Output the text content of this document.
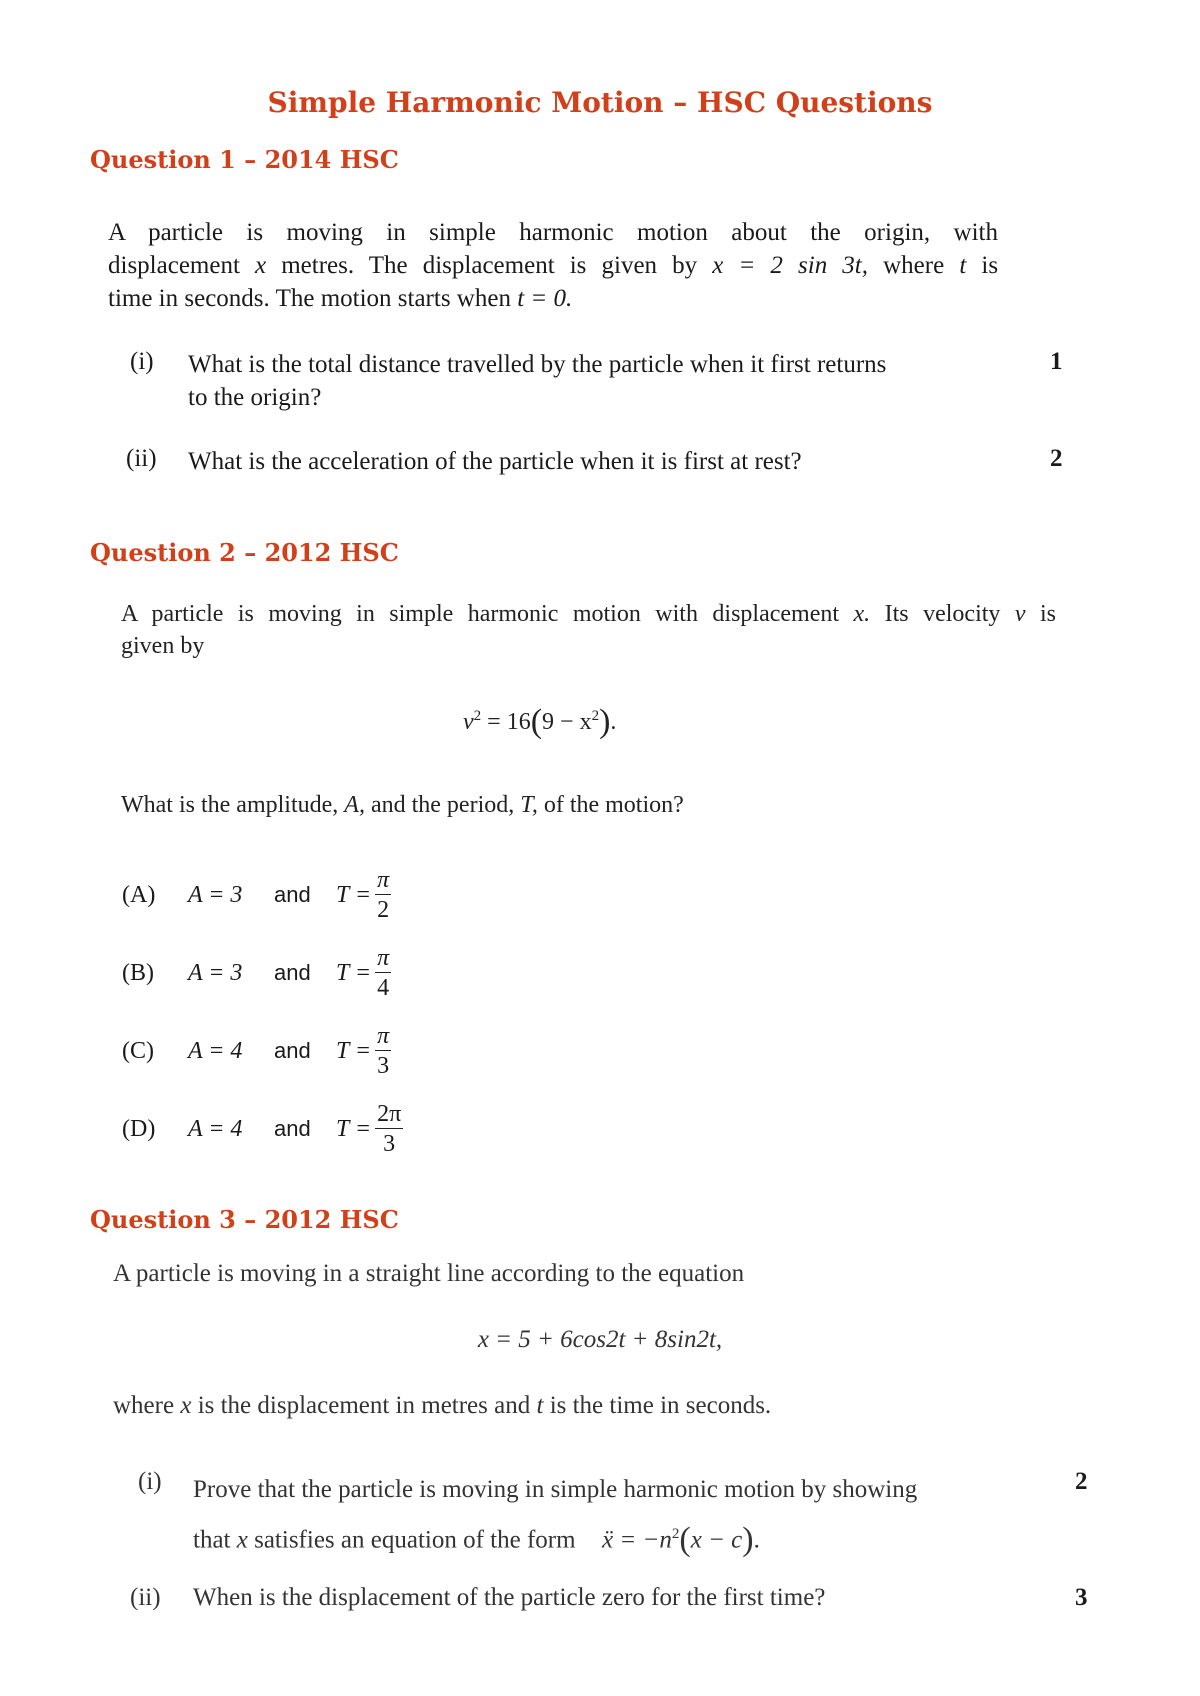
Simple Harmonic Motion – HSC Questions
Question 1 – 2014 HSC
A particle is moving in simple harmonic motion about the origin, with
displacement x metres. The displacement is given by x = 2 sin 3t, where t is
time in seconds. The motion starts when t = 0.
(i) What is the total distance travelled by the particle when it first returns
to the origin?
1
(ii) What is the acceleration of the particle when it is first at rest?	2
Question 2 – 2012 HSC
A particle is moving in simple harmonic motion with displacement x. Its velocity v is
given by
$v^2 = 16(9 - x^2)$.
What is the amplitude, A, and the period, T, of the motion?
(A)	A = 3	and	$T = \frac{\pi}{2}$
(B)	A = 3	and	$T = \frac{\pi}{4}$
(C)	A = 4	and	$T = \frac{\pi}{3}$
(D)	A = 4	and	$T = \frac{2\pi}{3}$
Question 3 – 2012 HSC
A particle is moving in a straight line according to the equation
x = 5 + 6cos2t + 8sin2t,
where x is the displacement in metres and t is the time in seconds.
(i) Prove that the particle is moving in simple harmonic motion by showing
that x satisfies an equation of the form ẍ = $-n^2(x - c)$.
2
(ii) When is the displacement of the particle zero for the first time?	3
